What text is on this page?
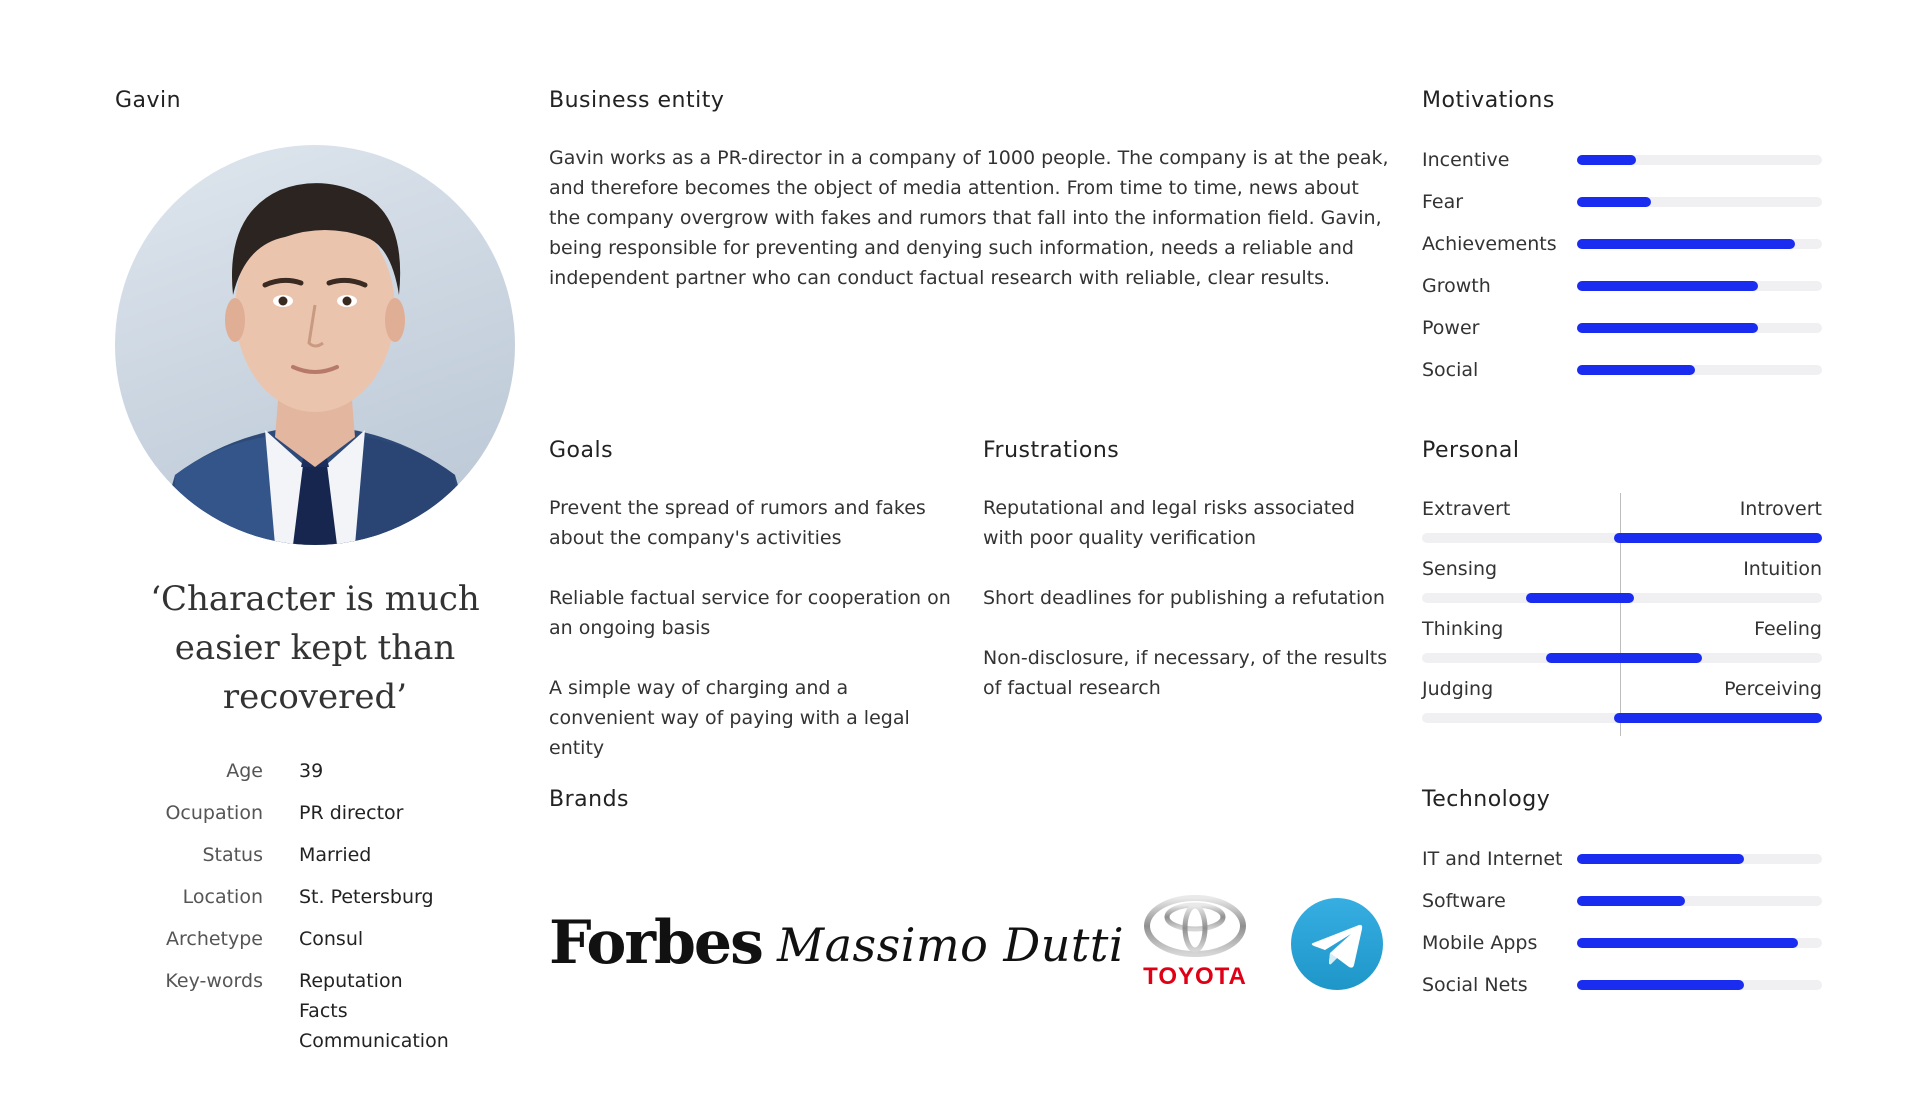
Gavin
‘Character is much easier kept than recovered’
Age	39
Ocupation	PR director
Status	Married
Location	St. Petersburg
Archetype	Consul
Key-words	Reputation
Facts
Communication
Business entity

Gavin works as a PR-director in a company of 1000 people. The company is at the peak, and therefore becomes the object of media attention. From time to time, news about the company overgrow with fakes and rumors that fall into the information field. Gavin, being responsible for preventing and denying such information, needs a reliable and independent partner who can conduct factual research with reliable, clear results.

Goals
Prevent the spread of rumors and fakes about the company's activities
Reliable factual service for cooperation on an ongoing basis
A simple way of charging and a convenient way of paying with a legal entity
Frustrations
Reputational and legal risks associated with poor quality verification
Short deadlines for publishing a refutation
Non-disclosure, if necessary, of the results of factual research
Brands
Forbes Massimo Dutti
TOYOTA
Motivations
Incentive
Fear
Achievements
Growth
Power
Social
Personal
Extravert	Introvert
Sensing	Intuition
Thinking	Feeling
Judging	Perceiving
Technology
IT and Internet
Software
Mobile Apps
Social Nets
